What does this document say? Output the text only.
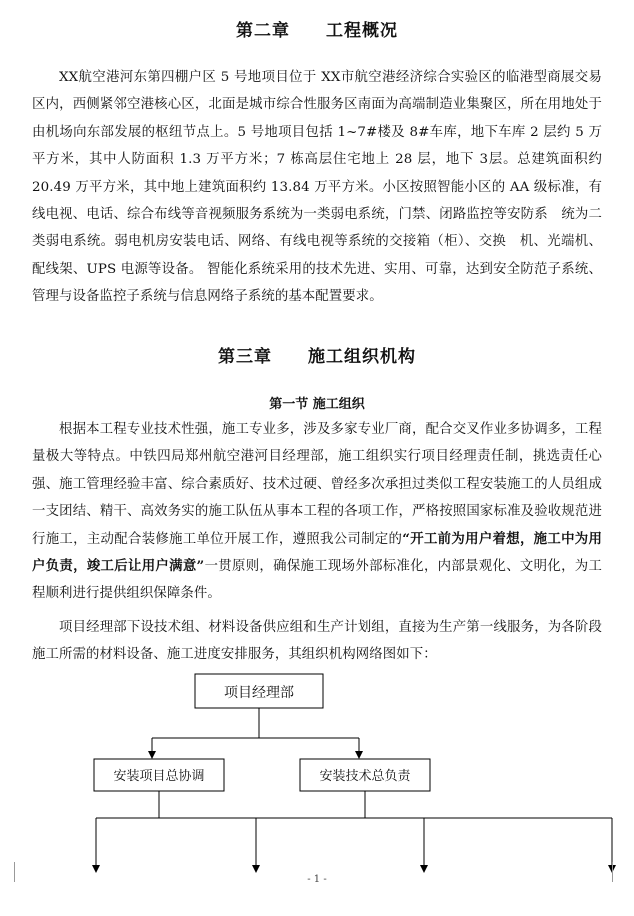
第二章 工程概况

XX航空港河东第四棚户区 5 号地项目位于 XX市航空港经济综合实验区的临港型商展交易区内，西侧紧邻空港核心区，北面是城市综合性服务区南面为高端制造业集聚区，所在用地处于由机场向东部发展的枢纽节点上。5 号地项目包括 1~7#楼及 8#车库，地下车库 2 层约 5 万平方米，其中人防面积 1.3 万平方米；7 栋高层住宅地上 28 层，地下 3层。总建筑面积约 20.49 万平方米，其中地上建筑面积约 13.84 万平方米。小区按照智能小区的 AA 级标准，有线电视、电话、综合布线等音视频服务系统为一类弱电系统，门禁、闭路监控等安防系　统为二类弱电系统。弱电机房安装电话、网络、有线电视等系统的交接箱（柜）、交换　机、光端机、配线架、UPS 电源等设备。 智能化系统采用的技术先进、实用、可靠，达到安全防范子系统、 管理与设备监控子系统与信息网络子系统的基本配置要求。

第三章 施工组织机构
第一节 施工组织

根据本工程专业技术性强，施工专业多，涉及多家专业厂商，配合交叉作业多协调多，工程量极大等特点。中铁四局郑州航空港河目经理部，施工组织实行项目经理责任制，挑选责任心强、施工管理经验丰富、综合素质好、技术过硬、曾经多次承担过类似工程安装施工的人员组成一支团结、精干、高效务实的施工队伍从事本工程的各项工作，严格按照国家标准及验收规范进行施工，主动配合装修施工单位开展工作，遵照我公司制定的“开工前为用户着想，施工中为用户负责，竣工后让用户满意”一贯原则，确保施工现场外部标准化，内部景观化、文明化，为工程顺利进行提供组织保障条件。

项目经理部下设技术组、材料设备供应组和生产计划组，直接为生产第一线服务，为各阶段施工所需的材料设备、施工进度安排服务，其组织机构网络图如下：

项目经理部
安装项目总协调	安装技术总负责
- 1 -
